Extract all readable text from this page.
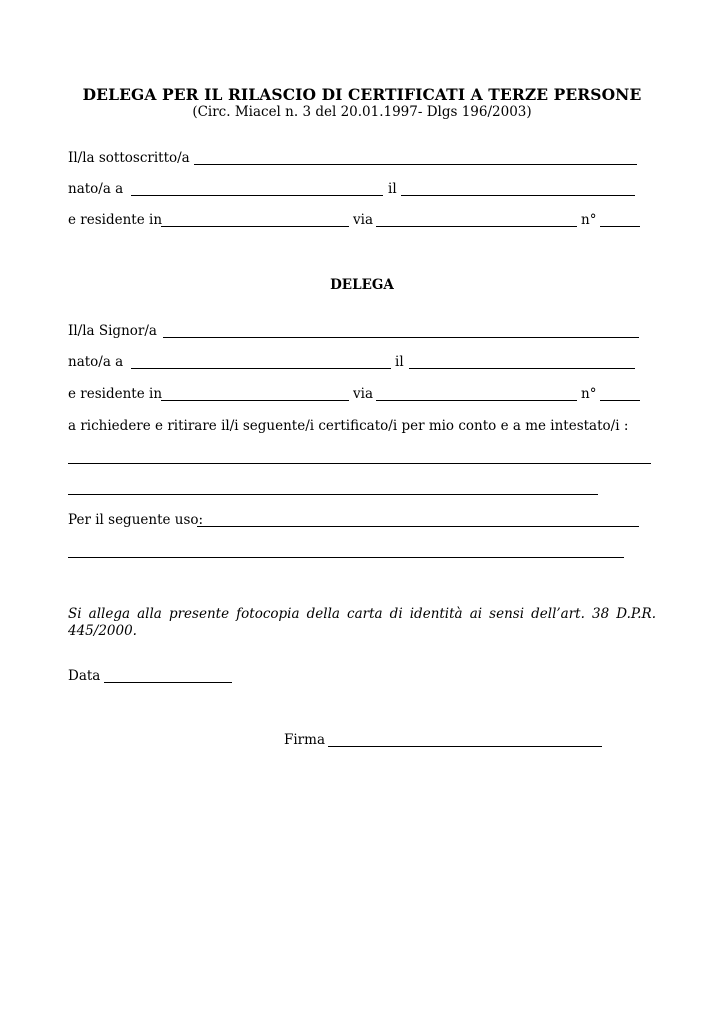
DELEGA PER IL RILASCIO DI CERTIFICATI A TERZE PERSONE
(Circ. Miacel n. 3 del 20.01.1997- Dlgs 196/2003)
Il/la sottoscritto/a
nato/a a	il
e residente in	via	n°
DELEGA
Il/la Signor/a
nato/a a	il
e residente in	via	n°
a richiedere e ritirare il/i seguente/i certificato/i per mio conto e a me intestato/i :
Per il seguente uso:
Si allega alla presente fotocopia della carta di identità ai sensi dell’art. 38 D.P.R. 445/2000.
Data
Firma
